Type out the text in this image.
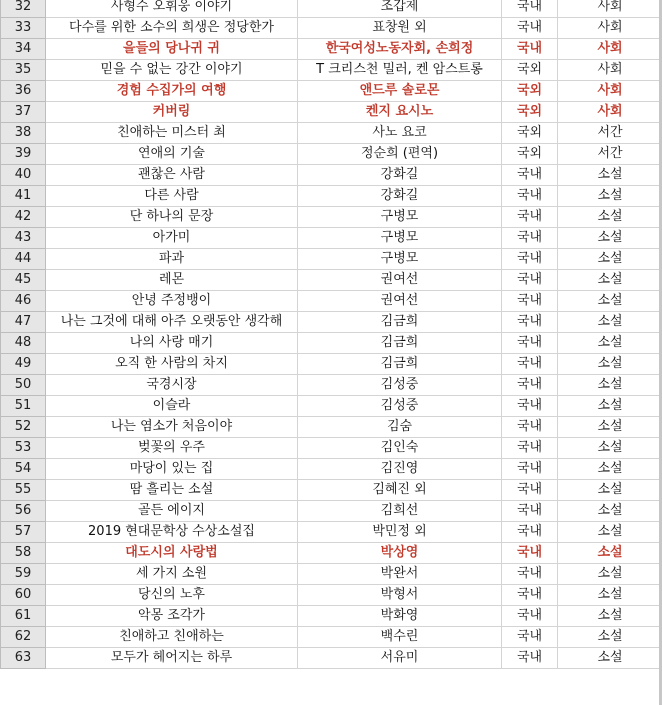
32	사형수 오휘웅 이야기	조갑제	국내	사회
33	다수를 위한 소수의 희생은 정당한가	표창원 외	국내	사회
34	을들의 당나귀 귀	한국여성노동자회, 손희정	국내	사회
35	믿을 수 없는 강간 이야기	T 크리스천 밀러, 켄 암스트롱	국외	사회
36	경험 수집가의 여행	앤드루 솔로몬	국외	사회
37	커버링	켄지 요시노	국외	사회
38	친애하는 미스터 최	사노 요코	국외	서간
39	연애의 기술	정순희 (편역)	국외	서간
40	괜찮은 사람	강화길	국내	소설
41	다른 사람	강화길	국내	소설
42	단 하나의 문장	구병모	국내	소설
43	아가미	구병모	국내	소설
44	파과	구병모	국내	소설
45	레몬	권여선	국내	소설
46	안녕 주정뱅이	권여선	국내	소설
47	나는 그것에 대해 아주 오랫동안 생각해	김금희	국내	소설
48	나의 사랑 매기	김금희	국내	소설
49	오직 한 사람의 차지	김금희	국내	소설
50	국경시장	김성중	국내	소설
51	이슬라	김성중	국내	소설
52	나는 염소가 처음이야	김숨	국내	소설
53	벚꽃의 우주	김인숙	국내	소설
54	마당이 있는 집	김진영	국내	소설
55	땀 흘리는 소설	김혜진 외	국내	소설
56	골든 에이지	김희선	국내	소설
57	2019 현대문학상 수상소설집	박민정 외	국내	소설
58	대도시의 사랑법	박상영	국내	소설
59	세 가지 소원	박완서	국내	소설
60	당신의 노후	박형서	국내	소설
61	악몽 조각가	박화영	국내	소설
62	친애하고 친애하는	백수린	국내	소설
63	모두가 헤어지는 하루	서유미	국내	소설
